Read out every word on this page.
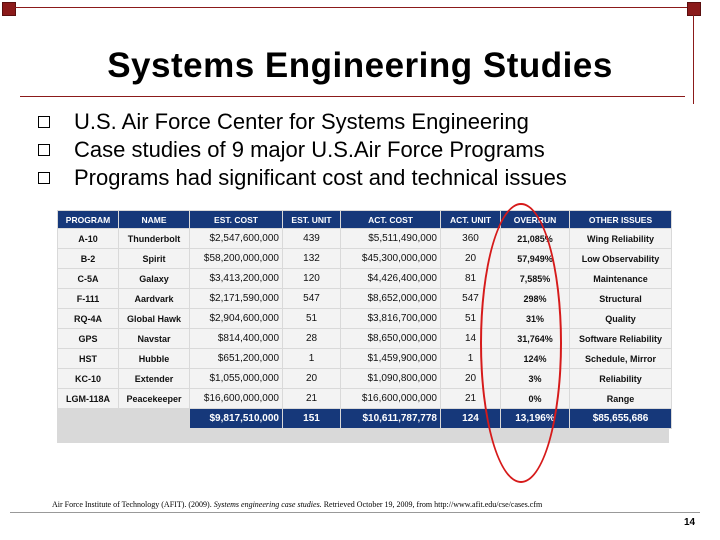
Systems Engineering Studies
U.S. Air Force Center for Systems Engineering
Case studies of 9 major U.S.Air Force Programs
Programs had significant cost and technical issues
PROGRAM	NAME	EST. COST	EST. UNIT	ACT. COST	ACT. UNIT	OVERRUN	OTHER ISSUES
A-10	Thunderbolt	$2,547,600,000	439	$5,511,490,000	360	21,085%	Wing Reliability
B-2	Spirit	$58,200,000,000	132	$45,300,000,000	20	57,949%	Low Observability
C-5A	Galaxy	$3,413,200,000	120	$4,426,400,000	81	7,585%	Maintenance
F-111	Aardvark	$2,171,590,000	547	$8,652,000,000	547	298%	Structural
RQ-4A	Global Hawk	$2,904,600,000	51	$3,816,700,000	51	31%	Quality
GPS	Navstar	$814,400,000	28	$8,650,000,000	14	31,764%	Software Reliability
HST	Hubble	$651,200,000	1	$1,459,900,000	1	124%	Schedule, Mirror
KC-10	Extender	$1,055,000,000	20	$1,090,800,000	20	3%	Reliability
LGM-118A	Peacekeeper	$16,600,000,000	21	$16,600,000,000	21	0%	Range
		$9,817,510,000	151	$10,611,787,778	124	13,196%	$85,655,686
Air Force Institute of Technology (AFIT). (2009). Systems engineering case studies. Retrieved October 19, 2009, from http://www.afit.edu/cse/cases.cfm
14
